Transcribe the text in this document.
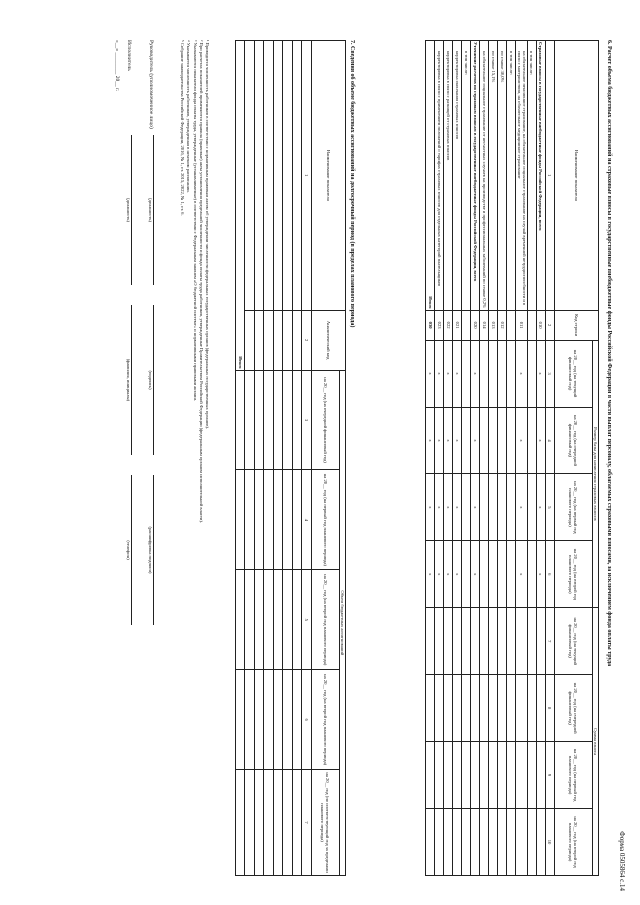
Форма 0505864 с.14
6. Расчет объема бюджетных ассигнований на страховые взносы в государственные внебюджетные фонды Российской Федерации в части выплат персоналу, облагаемых страховыми взносами, за исключением фонда оплаты труда
Наименование показателя	Код строки	Размер базы для начисления страховых взносов				Сумма взноса			
		на 20__ год (на текущий финансовый год)	на 20__ год (на очередной финансовый год)	на 20__ год (на первый год планового периода)	на 20__ год (на второй год планового периода)	на 20__ год (на текущий финансовый год)	на 20__ год (на очередной финансовый год)	на 20__ год (на первый год планового периода)	на 20__ год (на второй год планового периода)
1	2	3	4	5	6	7	8	9	10
Страховые взносы в государственные внебюджетные фонды Российской Федерации, всего	010	x	x	x	x				
в том числе:									
на обязательное пенсионное страхование, на обязательное социальное страхование на случай временной нетрудоспособности и в связи с материнством, на обязательное медицинское страхование	011	x	x	x	x				
в том числе:									
по ставке 30,0%	012								
по ставке 15,1%	013								
на обязательное социальное страхование от несчастных случаев на производстве и профессиональных заболеваний по ставке 0,2%	014								
Уточнение расчетов по страховым взносам в государственные внебюджетные фонды Российской Федерации, всего	020	x	x	x	x				
в том числе:									
корректировка окончания страховых взносов	021	x	x	x	x				
корректировка в связи с разницей от страховых взносов	022	x	x	x	x				
корректировка в связи с применением положений о тарифах страховых взносов для отдельных категорий плательщиков	023	x	x	x	x				
Итого	030	x	x	x	x				
7. Сведения об объеме бюджетных ассигнований на долгосрочный период (в пределах планового периода)
Наименование показателя	Аналитический код	Объем бюджетных ассигнований				
		на 20__ год (на очередной финансовый год)	на 20__ год (на первый год планового периода)	на 20__ год (на второй год планового периода)	на 20__ год (на второй год планового периода)	на 20__ год (по соответствующий год за пределами планового периода)
1	2	3	4	5	6	7

Итого						
¹ Приводится численность работников в соответствии с нормативным правовым актом об утверждении численности федеральных государственных органов (федеральных государственных органов).
² При расчетах показателей применяются правила (правовые) акты установления предельной численности и фонда оплаты труда работников, утвержденные Правительством Российской Федерации (федеральным органом исполнительной власти).
³ Указываются показатели фонда оплаты труда, утвержденные (устанавливаемые) в соответствии с Федеральным законом «О бюджетной системе» и нормативными правовыми актами.
⁴ Указывается численность работников, утвержденная в штатном расписании.
⁵ Собрание законодательства Российской Федерации, 2016, № 1, ст. 2015, 2022, № 1, ст. 6.
Руководитель (уполномоченное лицо)
(должность)
(подпись)
(расшифровка подписи)
Исполнитель
(должность)
(фамилия, инициалы)
(телефон)
«__» ________ 20__ г.
